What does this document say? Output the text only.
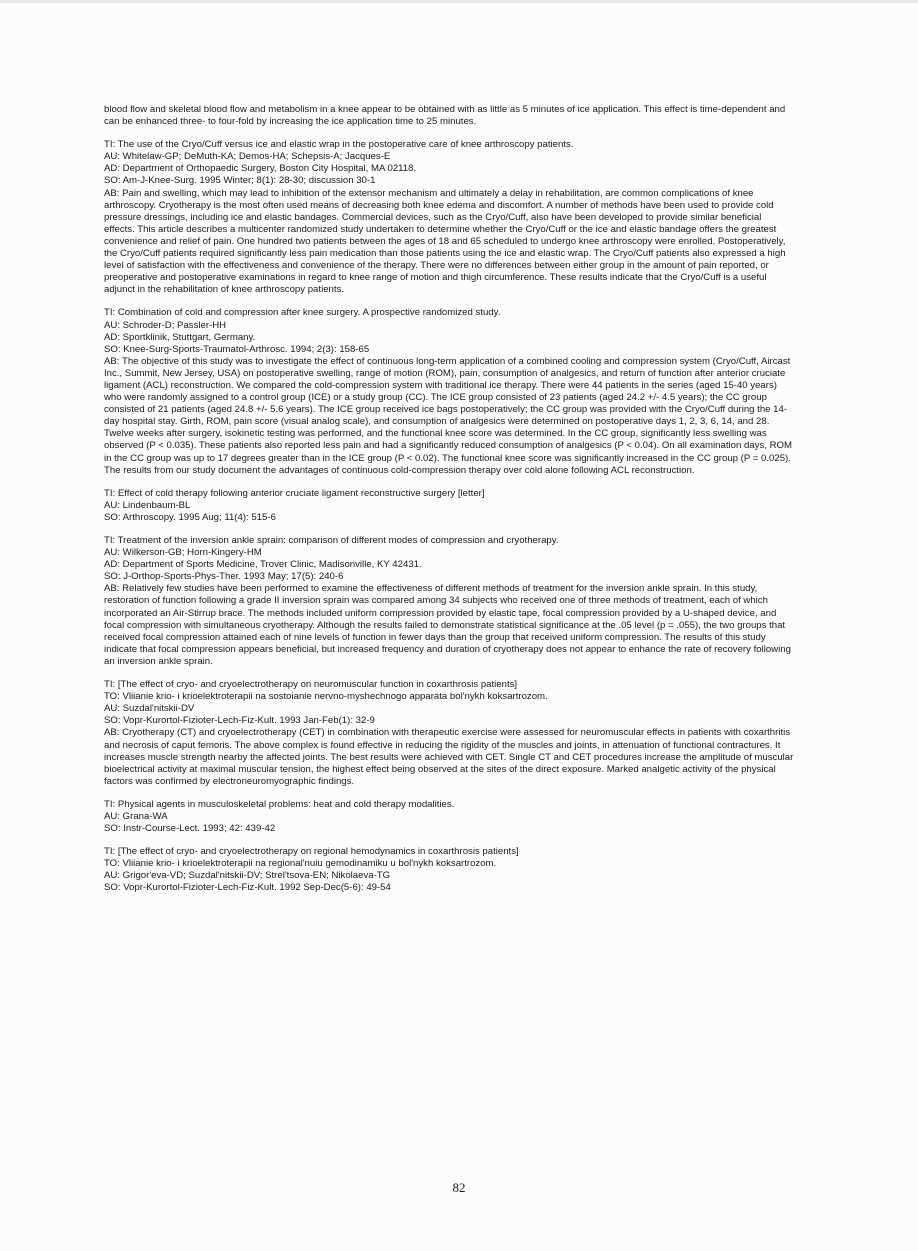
blood flow and skeletal blood flow and metabolism in a knee appear to be obtained with as little as 5 minutes of ice application. This effect is time-dependent and can be enhanced three- to four-fold by increasing the ice application time to 25 minutes.

TI: The use of the Cryo/Cuff versus ice and elastic wrap in the postoperative care of knee arthroscopy patients.

AU: Whitelaw-GP; DeMuth-KA; Demos-HA; Schepsis-A; Jacques-E

AD: Department of Orthopaedic Surgery, Boston City Hospital, MA 02118.

SO: Am-J-Knee-Surg. 1995 Winter; 8(1): 28-30; discussion 30-1

AB: Pain and swelling, which may lead to inhibition of the extensor mechanism and ultimately a delay in rehabilitation, are common complications of knee arthroscopy. Cryotherapy is the most often used means of decreasing both knee edema and discomfort. A number of methods have been used to provide cold pressure dressings, including ice and elastic bandages. Commercial devices, such as the Cryo/Cuff, also have been developed to provide similar beneficial effects. This article describes a multicenter randomized study undertaken to determine whether the Cryo/Cuff or the ice and elastic bandage offers the greatest convenience and relief of pain. One hundred two patients between the ages of 18 and 65 scheduled to undergo knee arthroscopy were enrolled. Postoperatively, the Cryo/Cuff patients required significantly less pain medication than those patients using the ice and elastic wrap. The Cryo/Cuff patients also expressed a high level of satisfaction with the effectiveness and convenience of the therapy. There were no differences between either group in the amount of pain reported, or preoperative and postoperative examinations in regard to knee range of motion and thigh circumference. These results indicate that the Cryo/Cuff is a useful adjunct in the rehabilitation of knee arthroscopy patients.

TI: Combination of cold and compression after knee surgery. A prospective randomized study.

AU: Schroder-D; Passler-HH

AD: Sportklinik, Stuttgart, Germany.

SO: Knee-Surg-Sports-Traumatol-Arthrosc. 1994; 2(3): 158-65

AB: The objective of this study was to investigate the effect of continuous long-term application of a combined cooling and compression system (Cryo/Cuff, Aircast Inc., Summit, New Jersey, USA) on postoperative swelling, range of motion (ROM), pain, consumption of analgesics, and return of function after anterior cruciate ligament (ACL) reconstruction. We compared the cold-compression system with traditional ice therapy. There were 44 patients in the series (aged 15-40 years) who were randomly assigned to a control group (ICE) or a study group (CC). The ICE group consisted of 23 patients (aged 24.2 +/- 4.5 years); the CC group consisted of 21 patients (aged 24.8 +/- 5.6 years). The ICE group received ice bags postoperatively; the CC group was provided with the Cryo/Cuff during the 14-day hospital stay. Girth, ROM, pain score (visual analog scale), and consumption of analgesics were determined on postoperative days 1, 2, 3, 6, 14, and 28. Twelve weeks after surgery, isokinetic testing was performed, and the functional knee score was determined. In the CC group, significantly less swelling was observed (P < 0.035). These patients also reported less pain and had a significantly reduced consumption of analgesics (P < 0.04). On all examination days, ROM in the CC group was up to 17 degrees greater than in the ICE group (P < 0.02). The functional knee score was significantly increased in the CC group (P = 0.025). The results from our study document the advantages of continuous cold-compression therapy over cold alone following ACL reconstruction.

TI: Effect of cold therapy following anterior cruciate ligament reconstructive surgery [letter]

AU: Lindenbaum-BL

SO: Arthroscopy. 1995 Aug; 11(4): 515-6

TI: Treatment of the inversion ankle sprain: comparison of different modes of compression and cryotherapy.

AU: Wilkerson-GB; Horn-Kingery-HM

AD: Department of Sports Medicine, Trover Clinic, Madisonville, KY 42431.

SO: J-Orthop-Sports-Phys-Ther. 1993 May; 17(5): 240-6

AB: Relatively few studies have been performed to examine the effectiveness of different methods of treatment for the inversion ankle sprain. In this study, restoration of function following a grade II inversion sprain was compared among 34 subjects who received one of three methods of treatment, each of which incorporated an Air-Stirrup brace. The methods included uniform compression provided by elastic tape, focal compression provided by a U-shaped device, and focal compression with simultaneous cryotherapy. Although the results failed to demonstrate statistical significance at the .05 level (p = .055), the two groups that received focal compression attained each of nine levels of function in fewer days than the group that received uniform compression. The results of this study indicate that focal compression appears beneficial, but increased frequency and duration of cryotherapy does not appear to enhance the rate of recovery following an inversion ankle sprain.

TI: [The effect of cryo- and cryoelectrotherapy on neuromuscular function in coxarthrosis patients]

TO: Vliianie krio- i krioelektroterapii na sostoianie nervno-myshechnogo apparata bol'nykh koksartrozom.

AU: Suzdal'nitskii-DV

SO: Vopr-Kurortol-Fizioter-Lech-Fiz-Kult. 1993 Jan-Feb(1): 32-9

AB: Cryotherapy (CT) and cryoelectrotherapy (CET) in combination with therapeutic exercise were assessed for neuromuscular effects in patients with coxarthritis and necrosis of caput femoris. The above complex is found effective in reducing the rigidity of the muscles and joints, in attenuation of functional contractures. It increases muscle strength nearby the affected joints. The best results were achieved with CET. Single CT and CET procedures increase the amplitude of muscular bioelectrical activity at maximal muscular tension, the highest effect being observed at the sites of the direct exposure. Marked analgetic activity of the physical factors was confirmed by electroneuromyographic findings.

TI: Physical agents in musculoskeletal problems: heat and cold therapy modalities.

AU: Grana-WA

SO: Instr-Course-Lect. 1993; 42: 439-42

TI: [The effect of cryo- and cryoelectrotherapy on regional hemodynamics in coxarthrosis patients]

TO: Vliianie krio- i krioelektroterapii na regional'nuiu gemodinamiku u bol'nykh koksartrozom.

AU: Grigor'eva-VD; Suzdal'nitskii-DV; Strel'tsova-EN; Nikolaeva-TG

SO: Vopr-Kurortol-Fizioter-Lech-Fiz-Kult. 1992 Sep-Dec(5-6): 49-54

82
